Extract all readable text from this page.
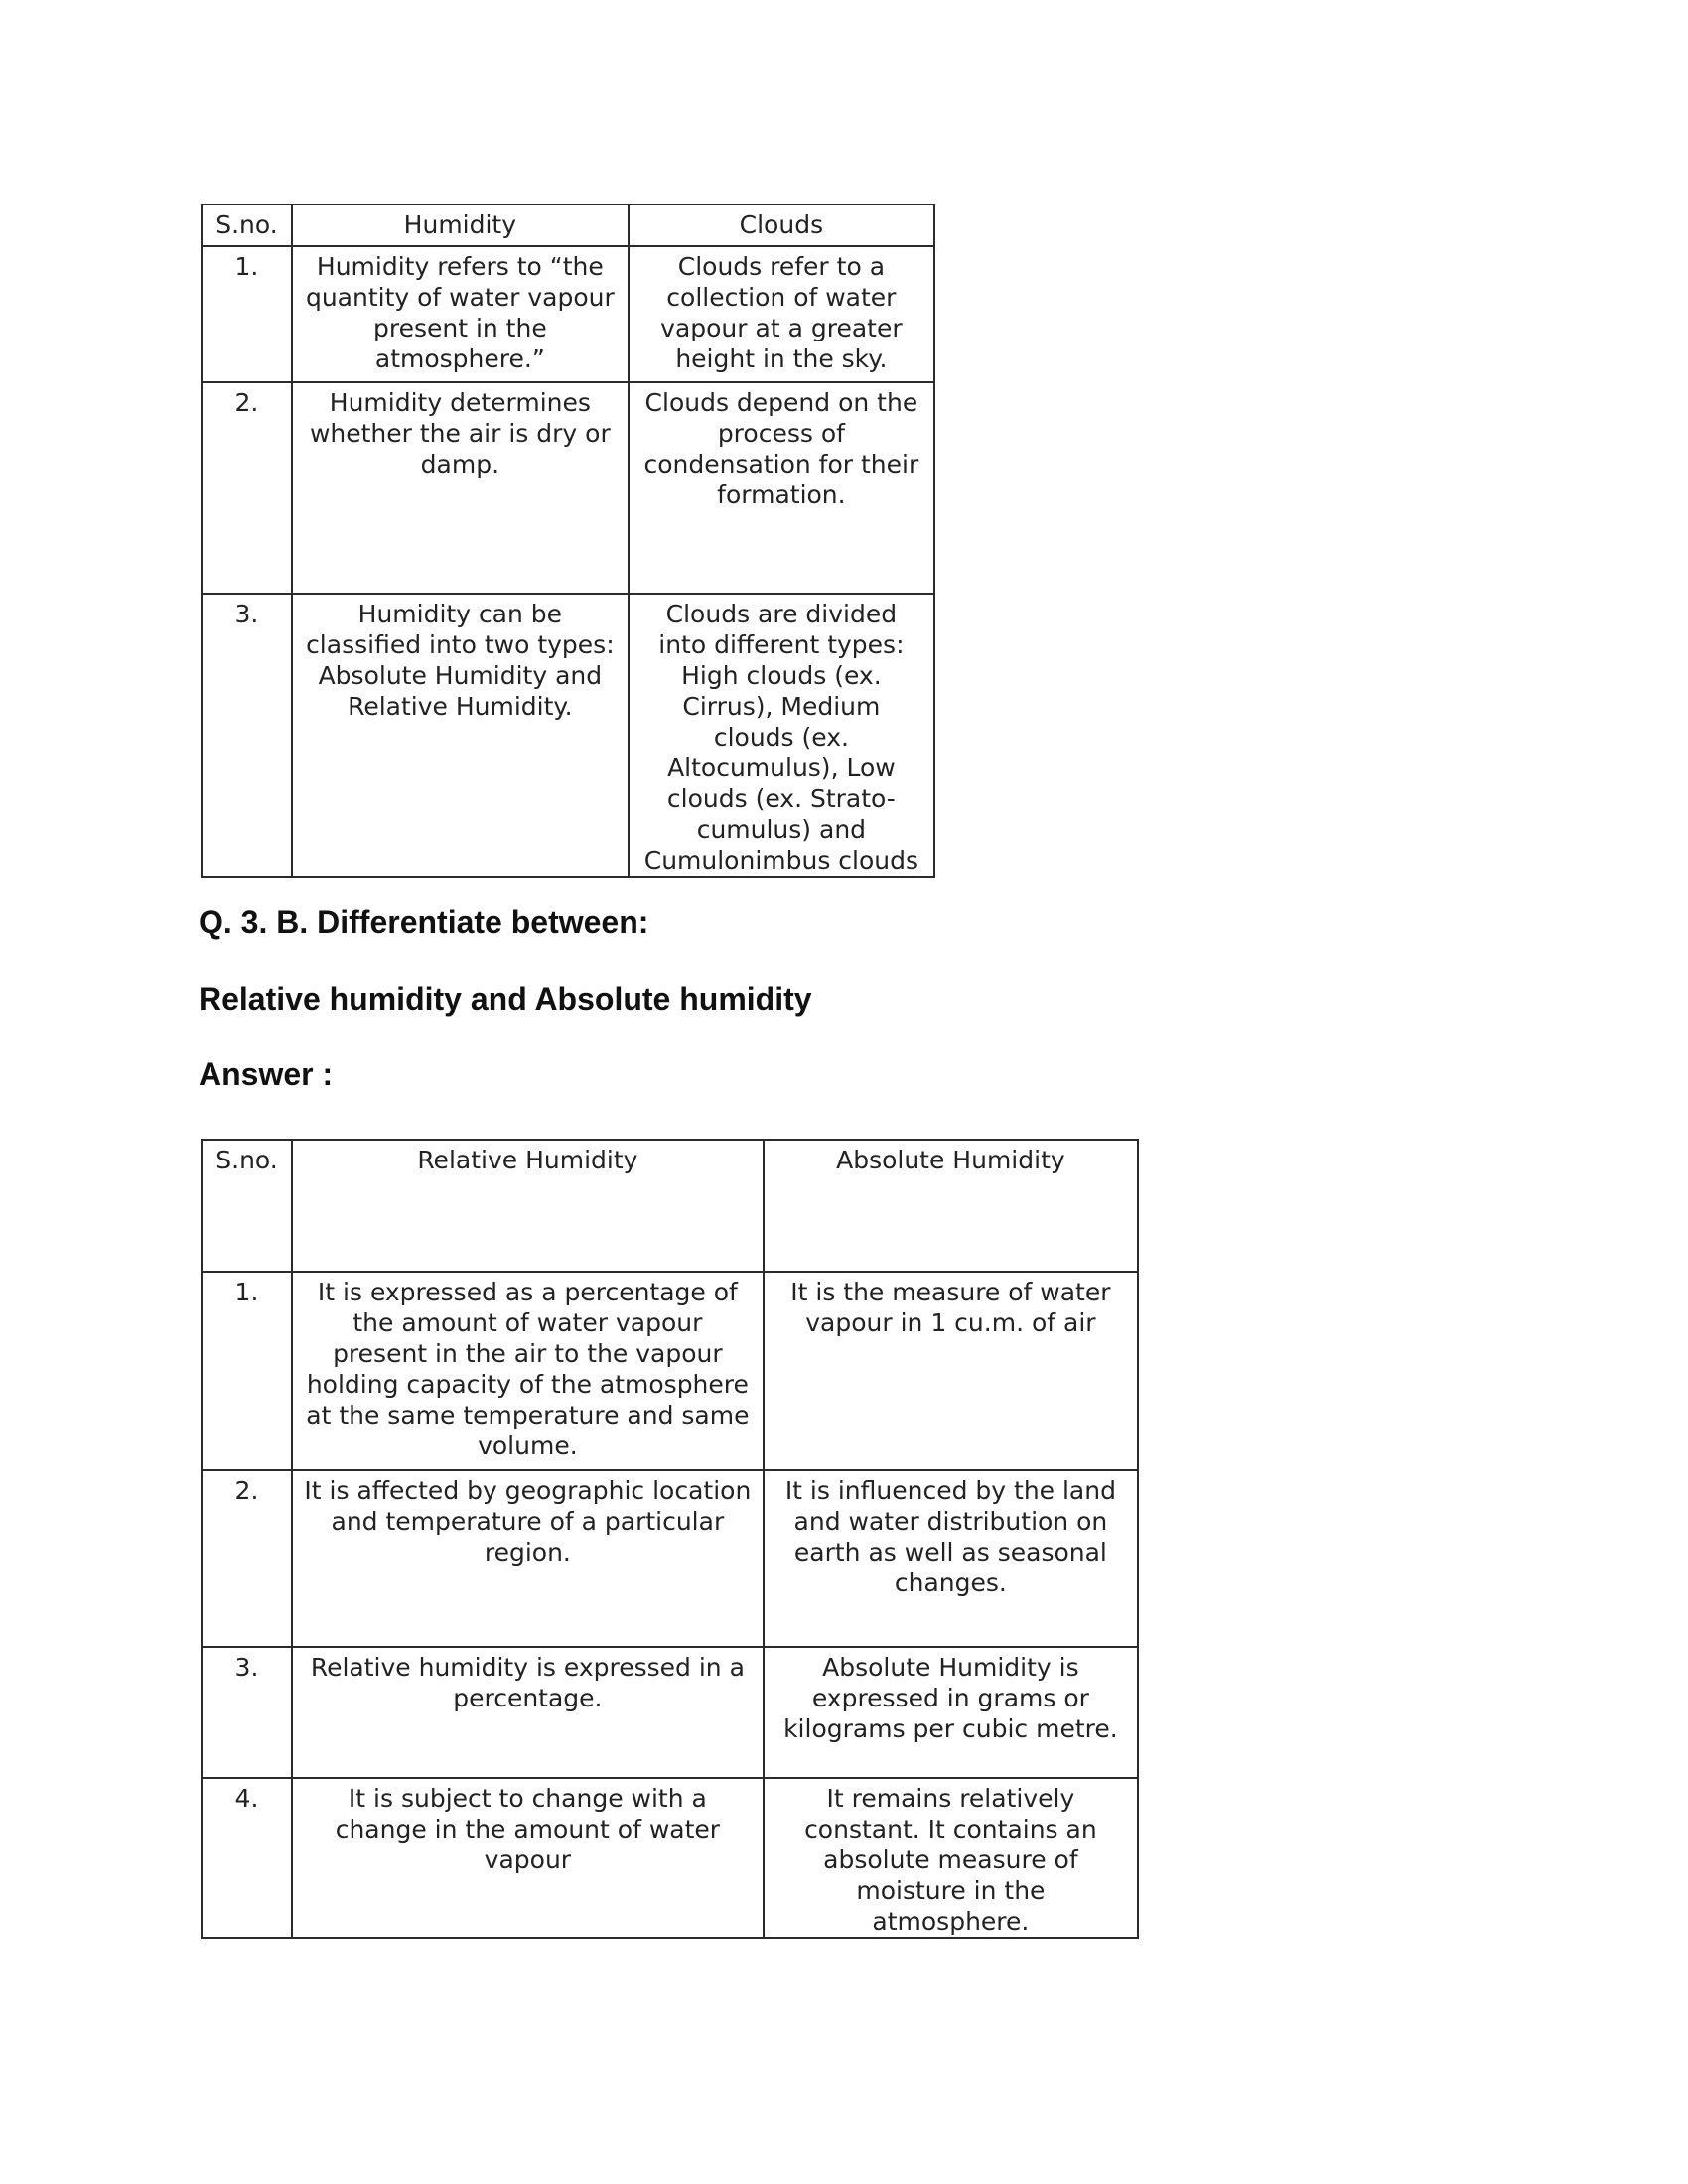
S.no.	Humidity	Clouds
1.	Humidity refers to “the quantity of water vapour present in the atmosphere.”	Clouds refer to a collection of water vapour at a greater height in the sky.
2.	Humidity determines whether the air is dry or damp.	Clouds depend on the process of condensation for their formation.
3.	Humidity can be classified into two types: Absolute Humidity and Relative Humidity.	Clouds are divided into different types: High clouds (ex. Cirrus), Medium clouds (ex. Altocumulus), Low clouds (ex. Strato-cumulus) and Cumulonimbus clouds
Q. 3. B. Differentiate between:
Relative humidity and Absolute humidity
Answer :
S.no.	Relative Humidity	Absolute Humidity
1.	It is expressed as a percentage of the amount of water vapour present in the air to the vapour holding capacity of the atmosphere at the same temperature and same volume.	It is the measure of water vapour in 1 cu.m. of air
2.	It is affected by geographic location and temperature of a particular region.	It is influenced by the land and water distribution on earth as well as seasonal changes.
3.	Relative humidity is expressed in a percentage.	Absolute Humidity is expressed in grams or kilograms per cubic metre.
4.	It is subject to change with a change in the amount of water vapour	It remains relatively constant. It contains an absolute measure of moisture in the atmosphere.
